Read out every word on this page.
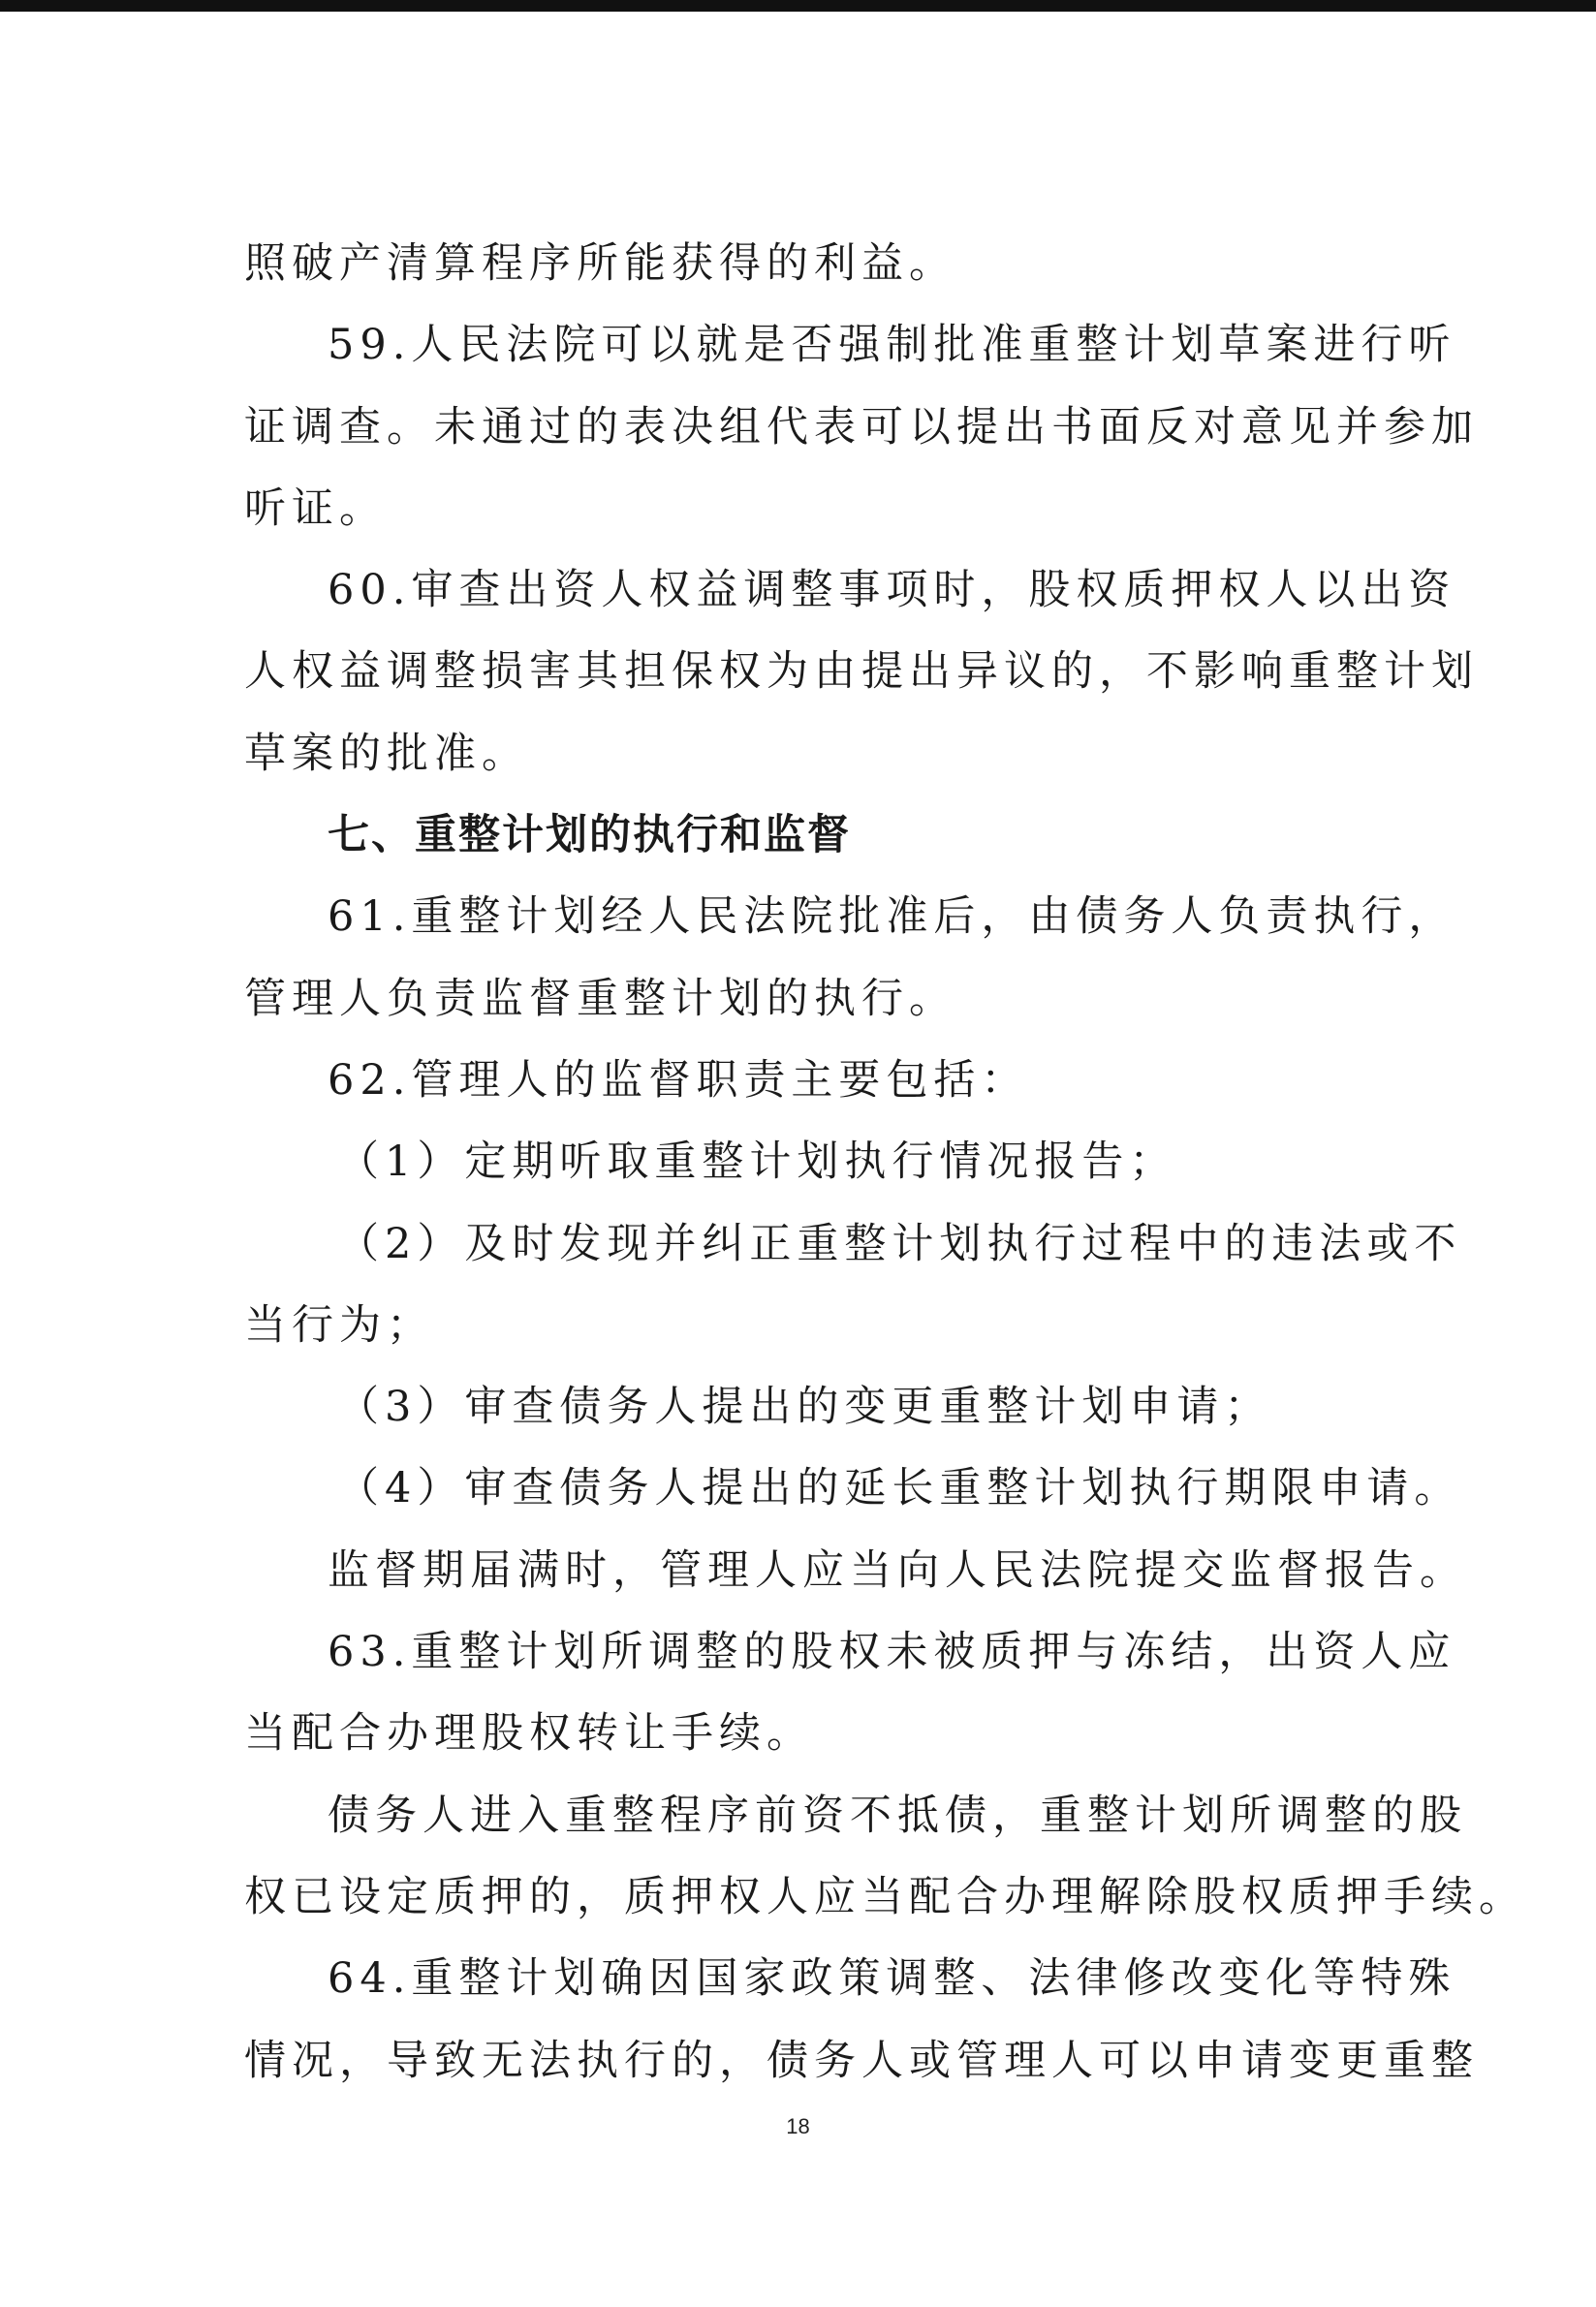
照破产清算程序所能获得的利益。
59.人民法院可以就是否强制批准重整计划草案进行听
证调查。未通过的表决组代表可以提出书面反对意见并参加
听证。
60.审查出资人权益调整事项时，股权质押权人以出资
人权益调整损害其担保权为由提出异议的，不影响重整计划
草案的批准。
七、重整计划的执行和监督
61.重整计划经人民法院批准后，由债务人负责执行，
管理人负责监督重整计划的执行。
62.管理人的监督职责主要包括：
（1）定期听取重整计划执行情况报告；
（2）及时发现并纠正重整计划执行过程中的违法或不
当行为；
（3）审查债务人提出的变更重整计划申请；
（4）审查债务人提出的延长重整计划执行期限申请。
监督期届满时，管理人应当向人民法院提交监督报告。
63.重整计划所调整的股权未被质押与冻结，出资人应
当配合办理股权转让手续。
债务人进入重整程序前资不抵债，重整计划所调整的股
权已设定质押的，质押权人应当配合办理解除股权质押手续。
64.重整计划确因国家政策调整、法律修改变化等特殊
情况，导致无法执行的，债务人或管理人可以申请变更重整
18
